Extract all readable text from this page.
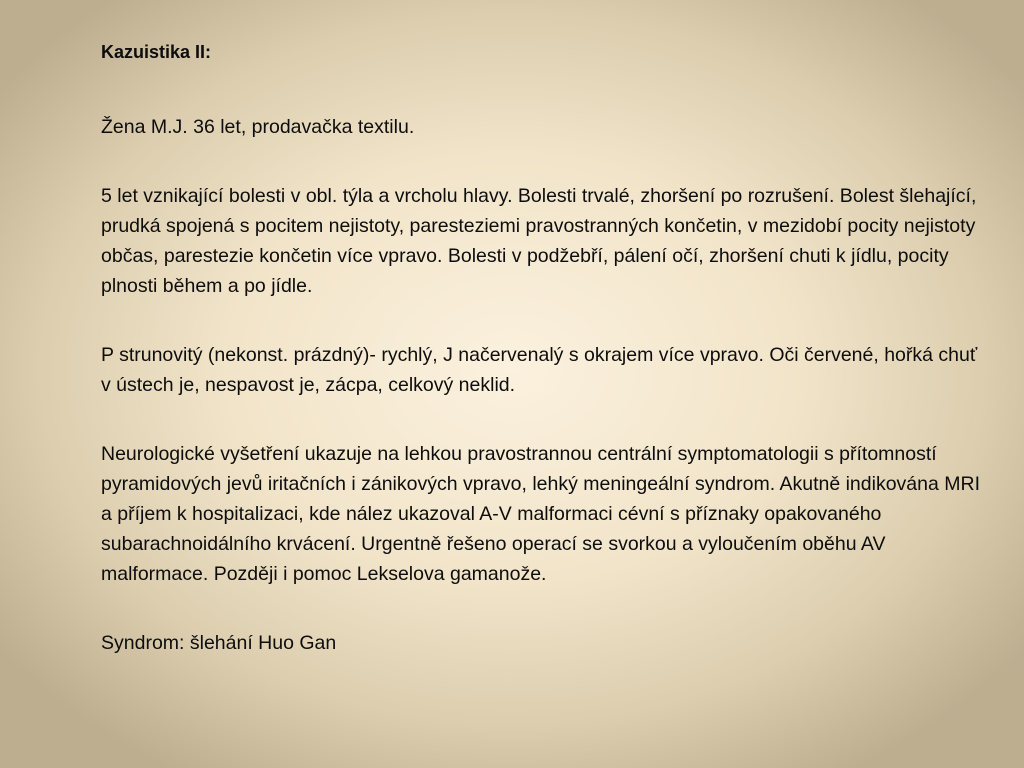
Kazuistika II:

Žena M.J. 36 let, prodavačka textilu.

5 let vznikající bolesti v obl. týla a vrcholu hlavy. Bolesti trvalé, zhoršení po rozrušení. Bolest šlehající, prudká spojená s pocitem nejistoty, paresteziemi pravostranných končetin, v mezidobí pocity nejistoty občas, parestezie končetin více vpravo. Bolesti v podžebří, pálení očí, zhoršení chuti k jídlu, pocity plnosti během a po jídle.

P strunovitý (nekonst. prázdný)- rychlý, J načervenalý s okrajem více vpravo. Oči červené, hořká chuť v ústech je, nespavost je, zácpa, celkový neklid.

Neurologické vyšetření ukazuje na lehkou pravostrannou centrální symptomatologii s přítomností pyramidových jevů iritačních i zánikových vpravo, lehký meningeální syndrom. Akutně indikována MRI a příjem k hospitalizaci, kde nález ukazoval A-V malformaci cévní s příznaky opakovaného subarachnoidálního krvácení. Urgentně řešeno operací se svorkou a vyloučením oběhu AV malformace. Později i pomoc Lekselova gamanože.

Syndrom: šlehání Huo Gan
